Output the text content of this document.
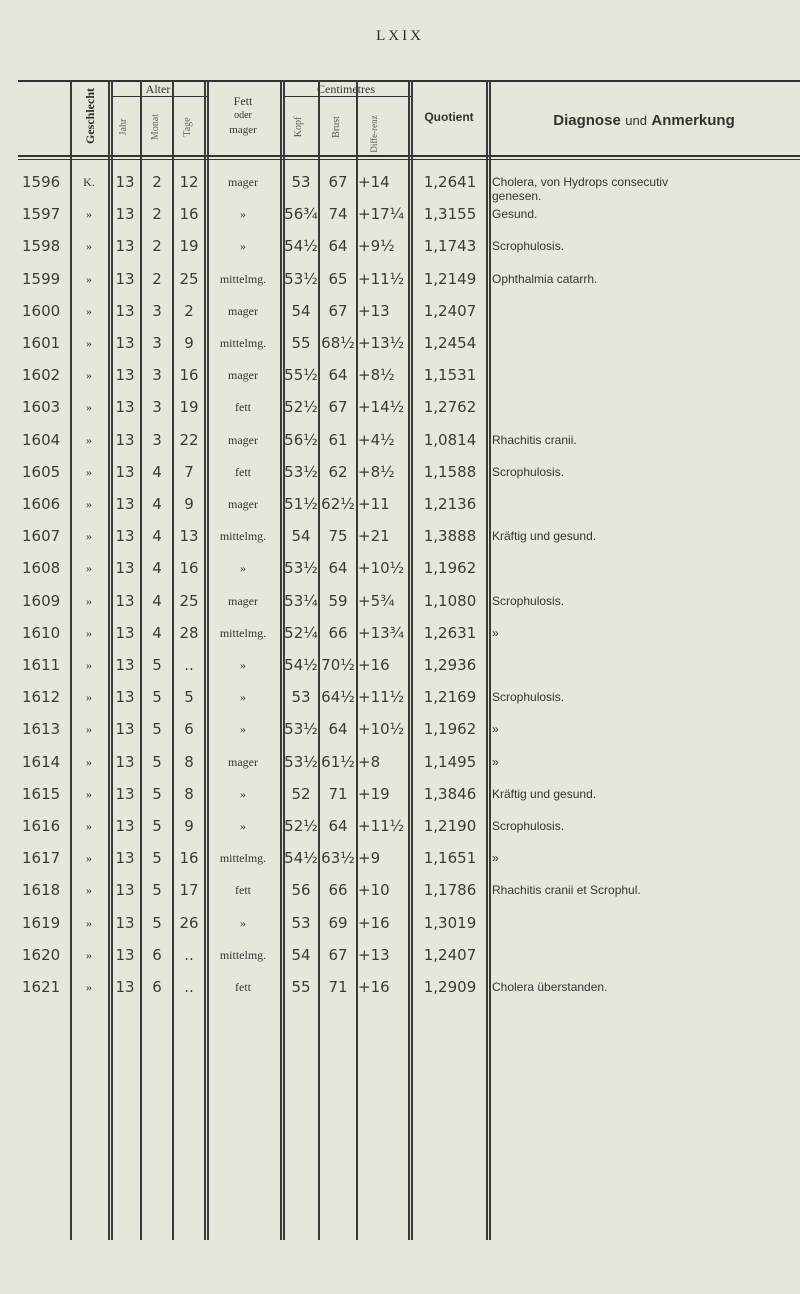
LXIX
Geschlecht	Alter
Jahr Monat Tage
Fett
oder
mager
Centimetres
Kopf	Brust	Diffe-renz	Quotient	Diagnose und Anmerkung
1596	K.	13	2	12	mager	53	67 +14	1,2641	Cholera, von Hydrops consecutiv
genesen.
1597	»	13	2	16	»	56¾ 74 +17¼	1,3155	Gesund.
1598	»	13	2	19	»	54½ 64 +9½	1,1743	Scrophulosis.
1599	»	13	2	25	mittelmg.	53½ 65 +11½	1,2149	Ophthalmia catarrh.
1600	»	13	3	2	mager	54	67 +13	1,2407
1601	»	13	3	9	mittelmg.	55 68½ +13½	1,2454
1602	»	13	3	16	mager	55½ 64 +8½	1,1531
1603	»	13	3	19	fett	52½ 67 +14½	1,2762
1604	»	13	3	22	mager	56½ 61 +4½	1,0814	Rhachitis cranii.
1605	»	13	4	7	fett	53½ 62 +8½	1,1588	Scrophulosis.
1606	»	13	4	9	mager	51½ 62½ +11	1,2136
1607	»	13	4	13	mittelmg.	54	75 +21	1,3888	Kräftig und gesund.
1608	»	13	4	16	»	53½ 64 +10½	1,1962
1609	»	13	4	25	mager	53¼ 59 +5¾	1,1080	Scrophulosis.
1610	»	13	4	28	mittelmg.	52¼ 66 +13¾	1,2631	»
1611	»	13	5	..	»	54½ 70½ +16	1,2936
1612	»	13	5	5	»	53 64½ +11½	1,2169	Scrophulosis.
1613	»	13	5	6	»	53½ 64 +10½	1,1962	»
1614	»	13	5	8	mager	53½ 61½ +8	1,1495	»
1615	»	13	5	8	»	52	71 +19	1,3846	Kräftig und gesund.
1616	»	13	5	9	»	52½ 64 +11½	1,2190	Scrophulosis.
1617	»	13	5	16	mittelmg.	54½ 63½ +9	1,1651	»
1618	»	13	5	17	fett	56	66 +10	1,1786	Rhachitis cranii et Scrophul.
1619	»	13	5	26	»	53	69 +16	1,3019
1620	»	13	6	..	mittelmg.	54	67 +13	1,2407
1621	»	13	6	..	fett	55	71 +16	1,2909	Cholera überstanden.
